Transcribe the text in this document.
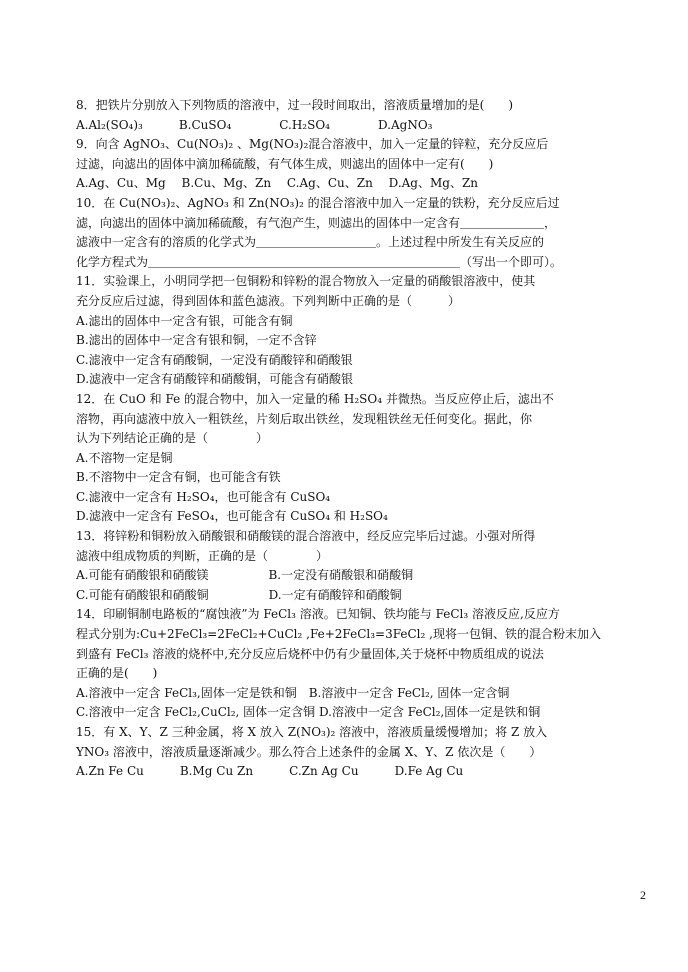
8．把铁片分别放入下列物质的溶液中，过一段时间取出，溶液质量增加的是(　　)
A.Al₂(SO₄)₃　　　B.CuSO₄　　　　C.H₂SO₄　　　　D.AgNO₃
9．向含 AgNO₃、Cu(NO₃)₂ 、Mg(NO₃)₂混合溶液中，加入一定量的锌粒，充分反应后
过滤，向滤出的固体中滴加稀硫酸，有气体生成，则滤出的固体中一定有(　　)
A.Ag、Cu、Mg　 B.Cu、Mg、Zn　 C.Ag、Cu、Zn　 D.Ag、Mg、Zn
10．在 Cu(NO₃)₂、AgNO₃ 和 Zn(NO₃)₂ 的混合溶液中加入一定量的铁粉，充分反应后过
滤，向滤出的固体中滴加稀硫酸，有气泡产生，则滤出的固体中一定含有＿＿＿＿＿＿＿，
滤液中一定含有的溶质的化学式为＿＿＿＿＿＿＿＿＿＿。上述过程中所发生有关反应的
化学方程式为＿＿＿＿＿＿＿＿＿＿＿＿＿＿＿＿＿＿＿＿＿＿＿＿＿＿（写出一个即可）。
11．实验课上，小明同学把一包铜粉和锌粉的混合物放入一定量的硝酸银溶液中，使其
充分反应后过滤，得到固体和蓝色滤液。下列判断中正确的是（　　　）
A.滤出的固体中一定含有银，可能含有铜
B.滤出的固体中一定含有银和铜，一定不含锌
C.滤液中一定含有硝酸铜，一定没有硝酸锌和硝酸银
D.滤液中一定含有硝酸锌和硝酸铜，可能含有硝酸银
12．在 CuO 和 Fe 的混合物中，加入一定量的稀 H₂SO₄ 并微热。当反应停止后，滤出不
溶物，再向滤液中放入一粗铁丝，片刻后取出铁丝，发现粗铁丝无任何变化。据此，你
认为下列结论正确的是（　　　　）
A.不溶物一定是铜
B.不溶物中一定含有铜，也可能含有铁
C.滤液中一定含有 H₂SO₄，也可能含有 CuSO₄
D.滤液中一定含有 FeSO₄，也可能含有 CuSO₄ 和 H₂SO₄
13．将锌粉和铜粉放入硝酸银和硝酸镁的混合溶液中，经反应完毕后过滤。小强对所得
滤液中组成物质的判断，正确的是（　　　　）
A.可能有硝酸银和硝酸镁　　　　　B.一定没有硝酸银和硝酸铜
C.可能有硝酸银和硝酸铜　　　　　D.一定有硝酸锌和硝酸铜
14．印刷铜制电路板的“腐蚀液”为 FeCl₃ 溶液。已知铜、铁均能与 FeCl₃ 溶液反应,反应方
程式分别为:Cu+2FeCl₃=2FeCl₂+CuCl₂ ,Fe+2FeCl₃=3FeCl₂ ,现将一包铜、铁的混合粉末加入
到盛有 FeCl₃ 溶液的烧杯中,充分反应后烧杯中仍有少量固体,关于烧杯中物质组成的说法
正确的是(　　)
A.溶液中一定含 FeCl₃,固体一定是铁和铜　B.溶液中一定含 FeCl₂, 固体一定含铜
C.溶液中一定含 FeCl₂,CuCl₂, 固体一定含铜 D.溶液中一定含 FeCl₂,固体一定是铁和铜
15．有 X、Y、Z 三种金属，将 X 放入 Z(NO₃)₂ 溶液中，溶液质量缓慢增加；将 Z 放入
YNO₃ 溶液中，溶液质量逐渐减少。那么符合上述条件的金属 X、Y、Z 依次是（　　）
A.Zn Fe Cu　　　B.Mg Cu Zn　　　C.Zn Ag Cu　　　D.Fe Ag Cu
2
